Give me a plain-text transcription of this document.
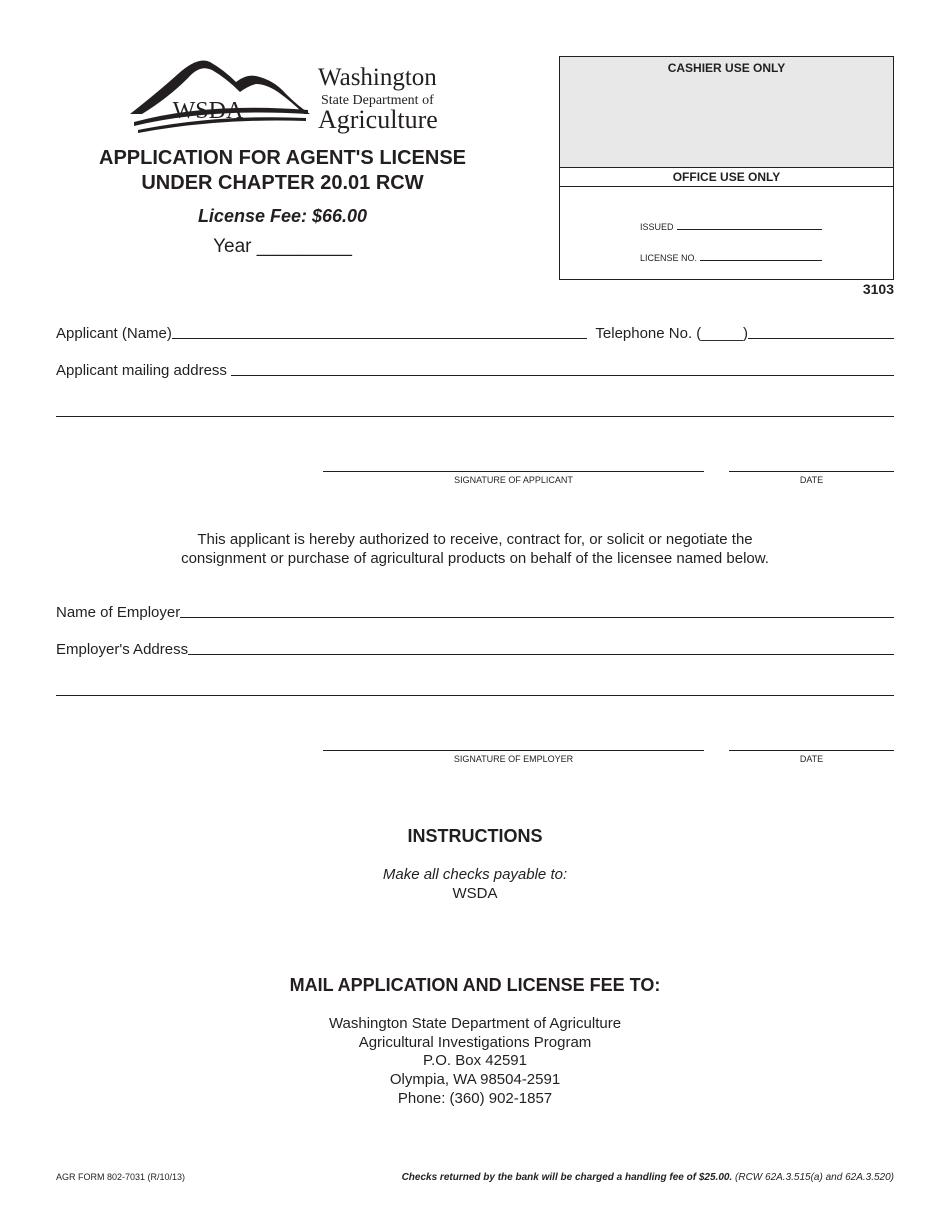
WSDA
Washington
State Department of
Agriculture
APPLICATION FOR AGENT'S LICENSE
UNDER CHAPTER 20.01 RCW
License Fee: $66.00
Year _________
CASHIER USE ONLY
OFFICE USE ONLY
ISSUED
LICENSE NO.
3103
Applicant (Name)	Telephone No. (_____)
Applicant mailing address
SIGNATURE OF APPLICANT	DATE
This applicant is hereby authorized to receive, contract for, or solicit or negotiate the
consignment or purchase of agricultural products on behalf of the licensee named below.
Name of Employer
Employer's Address
SIGNATURE OF EMPLOYER	DATE
INSTRUCTIONS
Make all checks payable to:
WSDA
MAIL APPLICATION AND LICENSE FEE TO:
Washington State Department of Agriculture
Agricultural Investigations Program
P.O. Box 42591
Olympia, WA 98504-2591
Phone: (360) 902-1857
AGR FORM 802-7031 (R/10/13)	Checks returned by the bank will be charged a handling fee of $25.00. (RCW 62A.3.515(a) and 62A.3.520)
